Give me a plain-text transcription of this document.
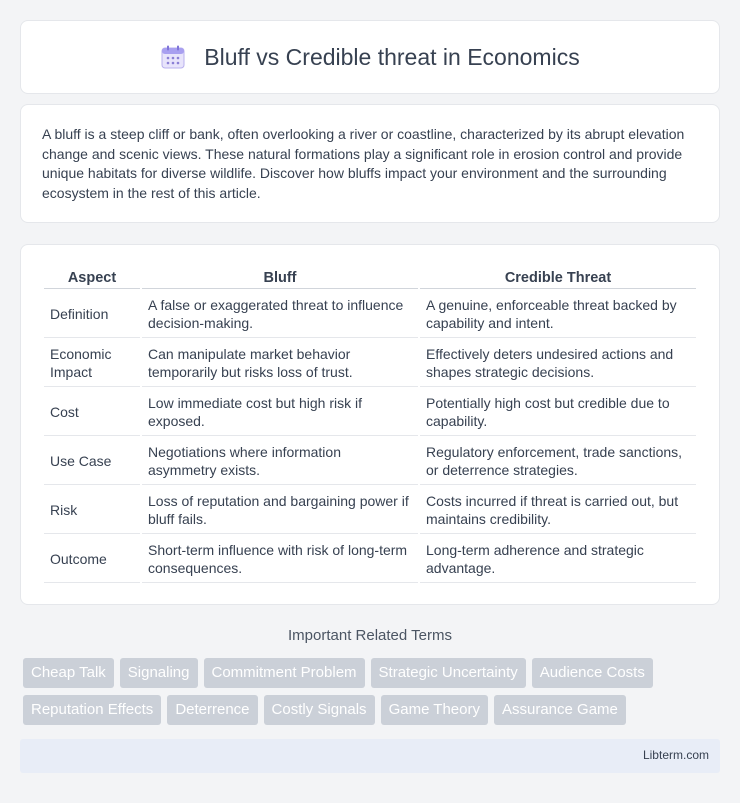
Bluff vs Credible threat in Economics

A bluff is a steep cliff or bank, often overlooking a river or coastline, characterized by its abrupt elevation change and scenic views. These natural formations play a significant role in erosion control and provide unique habitats for diverse wildlife. Discover how bluffs impact your environment and the surrounding ecosystem in the rest of this article.

Aspect	Bluff	Credible Threat
Definition	A false or exaggerated threat to influence decision-making.	A genuine, enforceable threat backed by capability and intent.
Economic Impact	Can manipulate market behavior temporarily but risks loss of trust.	Effectively deters undesired actions and shapes strategic decisions.
Cost	Low immediate cost but high risk if exposed.	Potentially high cost but credible due to capability.
Use Case	Negotiations where information asymmetry exists.	Regulatory enforcement, trade sanctions, or deterrence strategies.
Risk	Loss of reputation and bargaining power if bluff fails.	Costs incurred if threat is carried out, but maintains credibility.
Outcome	Short-term influence with risk of long-term consequences.	Long-term adherence and strategic advantage.
Important Related Terms
Cheap Talk	Signaling	Commitment Problem	Strategic Uncertainty	Audience Costs
Reputation Effects	Deterrence	Costly Signals	Game Theory	Assurance Game
Libterm.com
